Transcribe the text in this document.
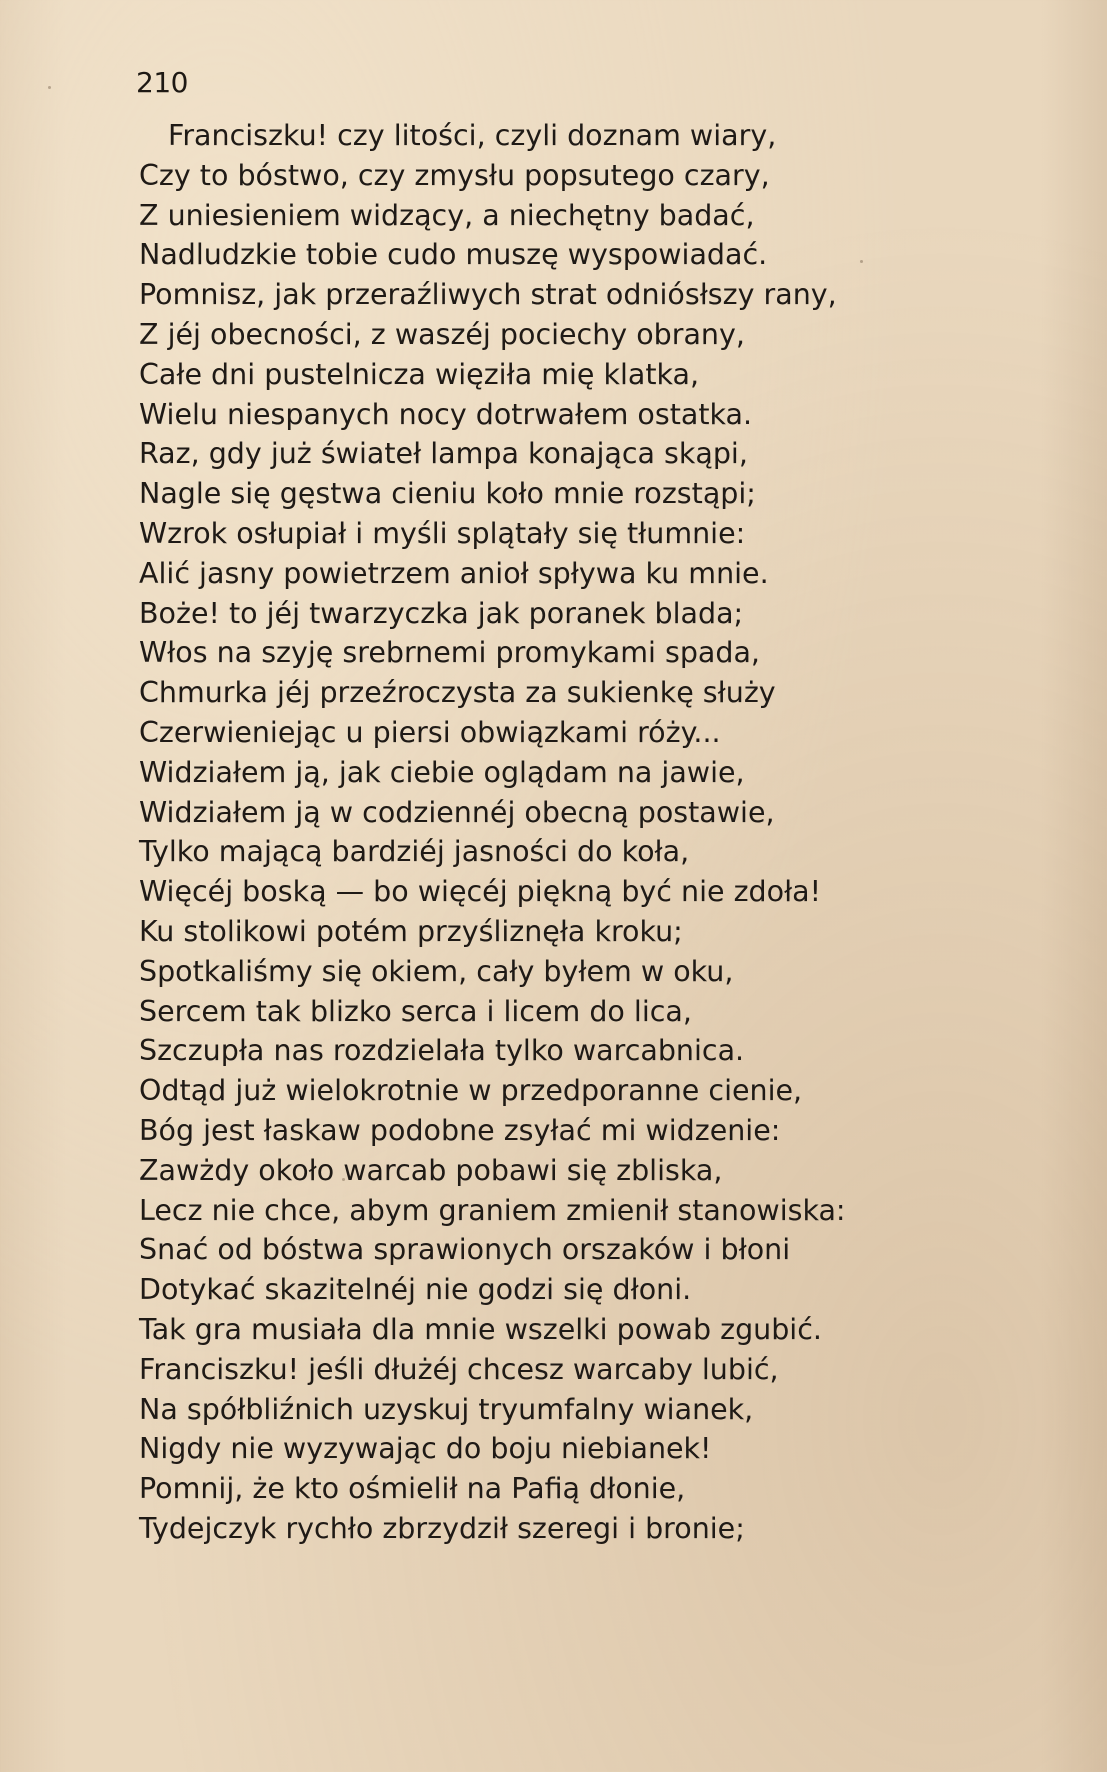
210
Franciszku! czy litości, czyli doznam wiary,
Czy to bóstwo, czy zmysłu popsutego czary,
Z uniesieniem widzący, a niechętny badać,
Nadludzkie tobie cudo muszę wyspowiadać.
Pomnisz, jak przeraźliwych strat odniósłszy rany,
Z jéj obecności, z waszéj pociechy obrany,
Całe dni pustelnicza więziła mię klatka,
Wielu niespanych nocy dotrwałem ostatka.
Raz, gdy już świateł lampa konająca skąpi,
Nagle się gęstwa cieniu koło mnie rozstąpi;
Wzrok osłupiał i myśli splątały się tłumnie:
Alić jasny powietrzem anioł spływa ku mnie.
Boże! to jéj twarzyczka jak poranek blada;
Włos na szyję srebrnemi promykami spada,
Chmurka jéj przeźroczysta za sukienkę służy
Czerwieniejąc u piersi obwiązkami róży...
Widziałem ją, jak ciebie oglądam na jawie,
Widziałem ją w codziennéj obecną postawie,
Tylko mającą bardziéj jasności do koła,
Więcéj boską — bo więcéj piękną być nie zdoła!
Ku stolikowi potém przyśliznęła kroku;
Spotkaliśmy się okiem, cały byłem w oku,
Sercem tak blizko serca i licem do lica,
Szczupła nas rozdzielała tylko warcabnica.
Odtąd już wielokrotnie w przedporanne cienie,
Bóg jest łaskaw podobne zsyłać mi widzenie:
Zawżdy około warcab pobawi się zbliska,
Lecz nie chce, abym graniem zmienił stanowiska:
Snać od bóstwa sprawionych orszaków i błoni
Dotykać skazitelnéj nie godzi się dłoni.
Tak gra musiała dla mnie wszelki powab zgubić.
Franciszku! jeśli dłużéj chcesz warcaby lubić,
Na spółbliźnich uzyskuj tryumfalny wianek,
Nigdy nie wyzywając do boju niebianek!
Pomnij, że kto ośmielił na Pafią dłonie,
Tydejczyk rychło zbrzydził szeregi i bronie;
